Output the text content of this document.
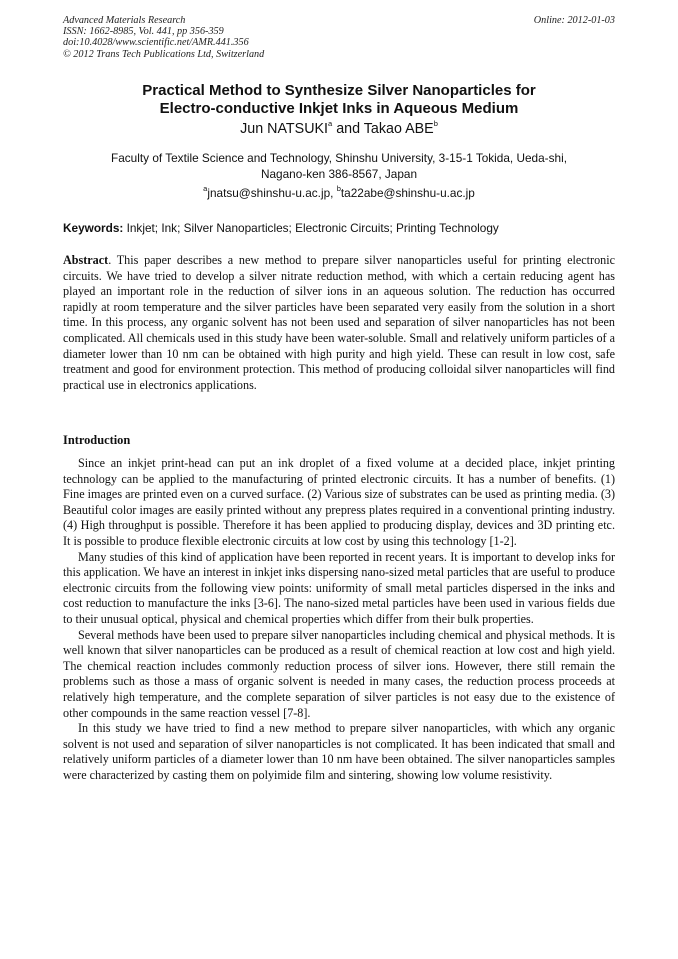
Advanced Materials Research
ISSN: 1662-8985, Vol. 441, pp 356-359
doi:10.4028/www.scientific.net/AMR.441.356
© 2012 Trans Tech Publications Ltd, Switzerland
Online: 2012-01-03
Practical Method to Synthesize Silver Nanoparticles for
Electro-conductive Inkjet Inks in Aqueous Medium
Jun NATSUKI$^a$ and Takao ABE$^b$
Faculty of Textile Science and Technology, Shinshu University, 3-15-1 Tokida, Ueda-shi,
Nagano-ken 386-8567, Japan
$^a$jnatsu@shinshu-u.ac.jp, $^b$ta22abe@shinshu-u.ac.jp
Keywords: Inkjet; Ink; Silver Nanoparticles; Electronic Circuits; Printing Technology
Abstract. This paper describes a new method to prepare silver nanoparticles useful for printing electronic circuits. We have tried to develop a silver nitrate reduction method, with which a certain reducing agent has played an important role in the reduction of silver ions in an aqueous solution. The reduction has occurred rapidly at room temperature and the silver particles have been separated very easily from the solution in a short time. In this process, any organic solvent has not been used and separation of silver nanoparticles has not been complicated. All chemicals used in this study have been water-soluble. Small and relatively uniform particles of a diameter lower than 10 nm can be obtained with high purity and high yield. These can result in low cost, safe treatment and good for environment protection. This method of producing colloidal silver nanoparticles will find practical use in electronics applications.
Introduction

Since an inkjet print-head can put an ink droplet of a fixed volume at a decided place, inkjet printing technology can be applied to the manufacturing of printed electronic circuits. It has a number of benefits. (1) Fine images are printed even on a curved surface. (2) Various size of substrates can be used as printing media. (3) Beautiful color images are easily printed without any prepress plates required in a conventional printing industry. (4) High throughput is possible. Therefore it has been applied to producing display, devices and 3D printing etc. It is possible to produce flexible electronic circuits at low cost by using this technology [1-2].

Many studies of this kind of application have been reported in recent years. It is important to develop inks for this application. We have an interest in inkjet inks dispersing nano-sized metal particles that are useful to produce electronic circuits from the following view points: uniformity of small metal particles dispersed in the inks and cost reduction to manufacture the inks [3-6]. The nano-sized metal particles have been used in various fields due to their unusual optical, physical and chemical properties which differ from their bulk properties.

Several methods have been used to prepare silver nanoparticles including chemical and physical methods. It is well known that silver nanoparticles can be produced as a result of chemical reaction at low cost and high yield. The chemical reaction includes commonly reduction process of silver ions. However, there still remain the problems such as those a mass of organic solvent is needed in many cases, the reduction process proceeds at relatively high temperature, and the complete separation of silver particles is not easy due to the existence of other compounds in the same reaction vessel [7-8].

In this study we have tried to find a new method to prepare silver nanoparticles, with which any organic solvent is not used and separation of silver nanoparticles is not complicated. It has been indicated that small and relatively uniform particles of a diameter lower than 10 nm have been obtained. The silver nanoparticles samples were characterized by casting them on polyimide film and sintering, showing low volume resistivity.
